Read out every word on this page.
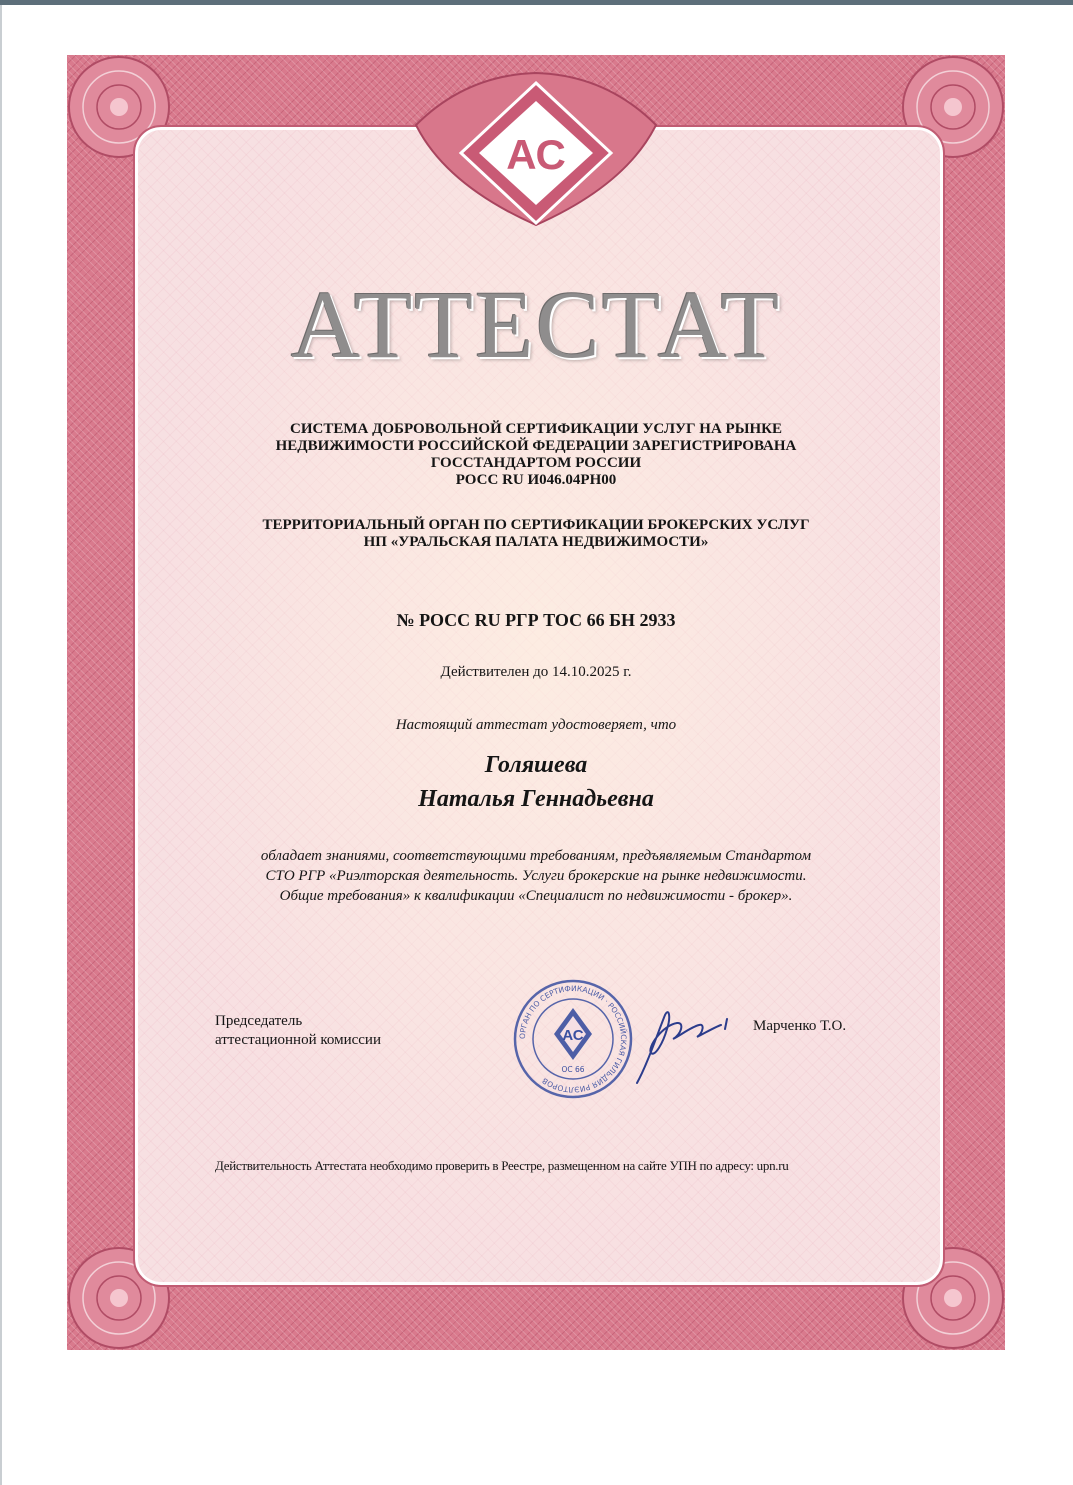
АС
АТТЕСТАТ
СИСТЕМА ДОБРОВОЛЬНОЙ СЕРТИФИКАЦИИ УСЛУГ НА РЫНКЕ
НЕДВИЖИМОСТИ РОССИЙСКОЙ ФЕДЕРАЦИИ ЗАРЕГИСТРИРОВАНА
ГОССТАНДАРТОМ РОССИИ
РОСС RU И046.04РН00
ТЕРРИТОРИАЛЬНЫЙ ОРГАН ПО СЕРТИФИКАЦИИ БРОКЕРСКИХ УСЛУГ
НП «УРАЛЬСКАЯ ПАЛАТА НЕДВИЖИМОСТИ»
№ РОСС RU РГР ТОС 66 БН 2933
Действителен до 14.10.2025 г.
Настоящий аттестат удостоверяет, что
Голяшева
Наталья Геннадьевна
обладает знаниями, соответствующими требованиям, предъявляемым Стандартом
СТО РГР «Риэлторская деятельность. Услуги брокерские на рынке недвижимости.
Общие требования» к квалификации «Специалист по недвижимости - брокер».
Председатель
аттестационной комиссии	ОРГАН ПО СЕРТИФИКАЦИИ · РОССИЙСКАЯ ГИЛЬДИЯ РИЭЛТОРОВ
АС
ОС 66
Марченко Т.О.
Действительность Аттестата необходимо проверить в Реестре, размещенном на сайте УПН по адресу: upn.ru
